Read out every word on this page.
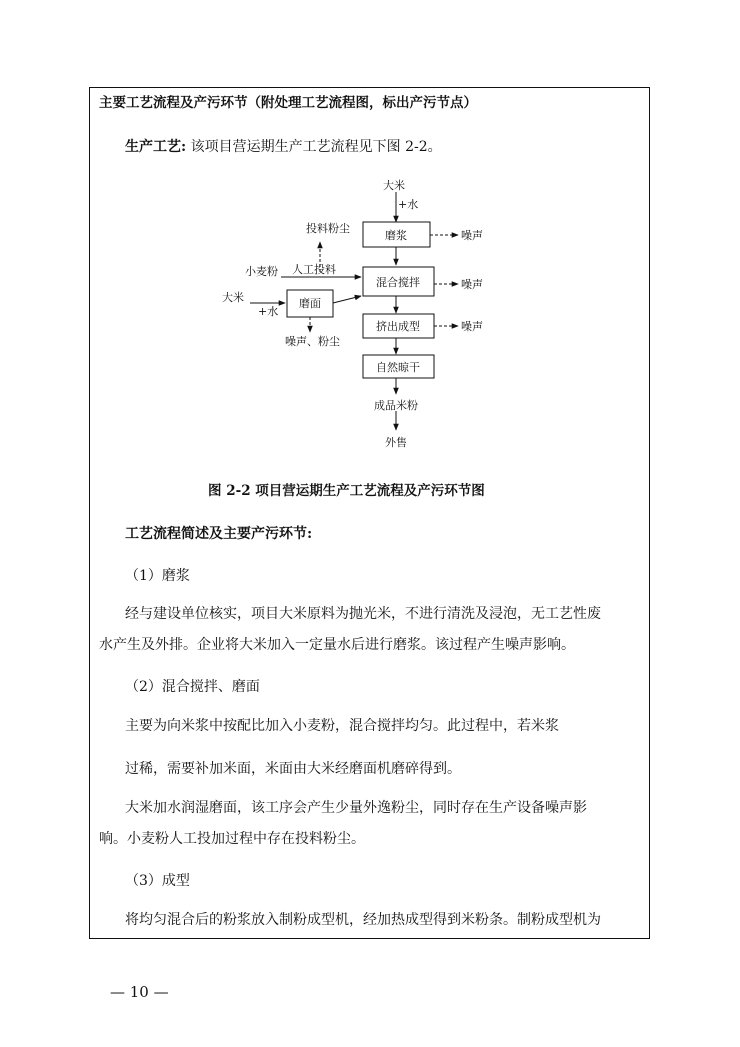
主要工艺流程及产污环节（附处理工艺流程图，标出产污节点）
生产工艺: 该项目营运期生产工艺流程见下图 2-2。
大米
+水
磨浆
投料粉尘
噪声
小麦粉 人工投料
混合搅拌	噪声
大米
+水
磨面
挤出成型	噪声
噪声、粉尘
自然晾干
成品米粉
外售
图 2-2 项目营运期生产工艺流程及产污环节图
工艺流程简述及主要产污环节:
（1）磨浆
经与建设单位核实，项目大米原料为抛光米，不进行清洗及浸泡，无工艺性废
水产生及外排。企业将大米加入一定量水后进行磨浆。该过程产生噪声影响。
（2）混合搅拌、磨面
主要为向米浆中按配比加入小麦粉，混合搅拌均匀。此过程中，若米浆
过稀，需要补加米面，米面由大米经磨面机磨碎得到。
大米加水润湿磨面，该工序会产生少量外逸粉尘，同时存在生产设备噪声影
响。小麦粉人工投加过程中存在投料粉尘。
（3）成型
将均匀混合后的粉浆放入制粉成型机，经加热成型得到米粉条。制粉成型机为
— 10 —
